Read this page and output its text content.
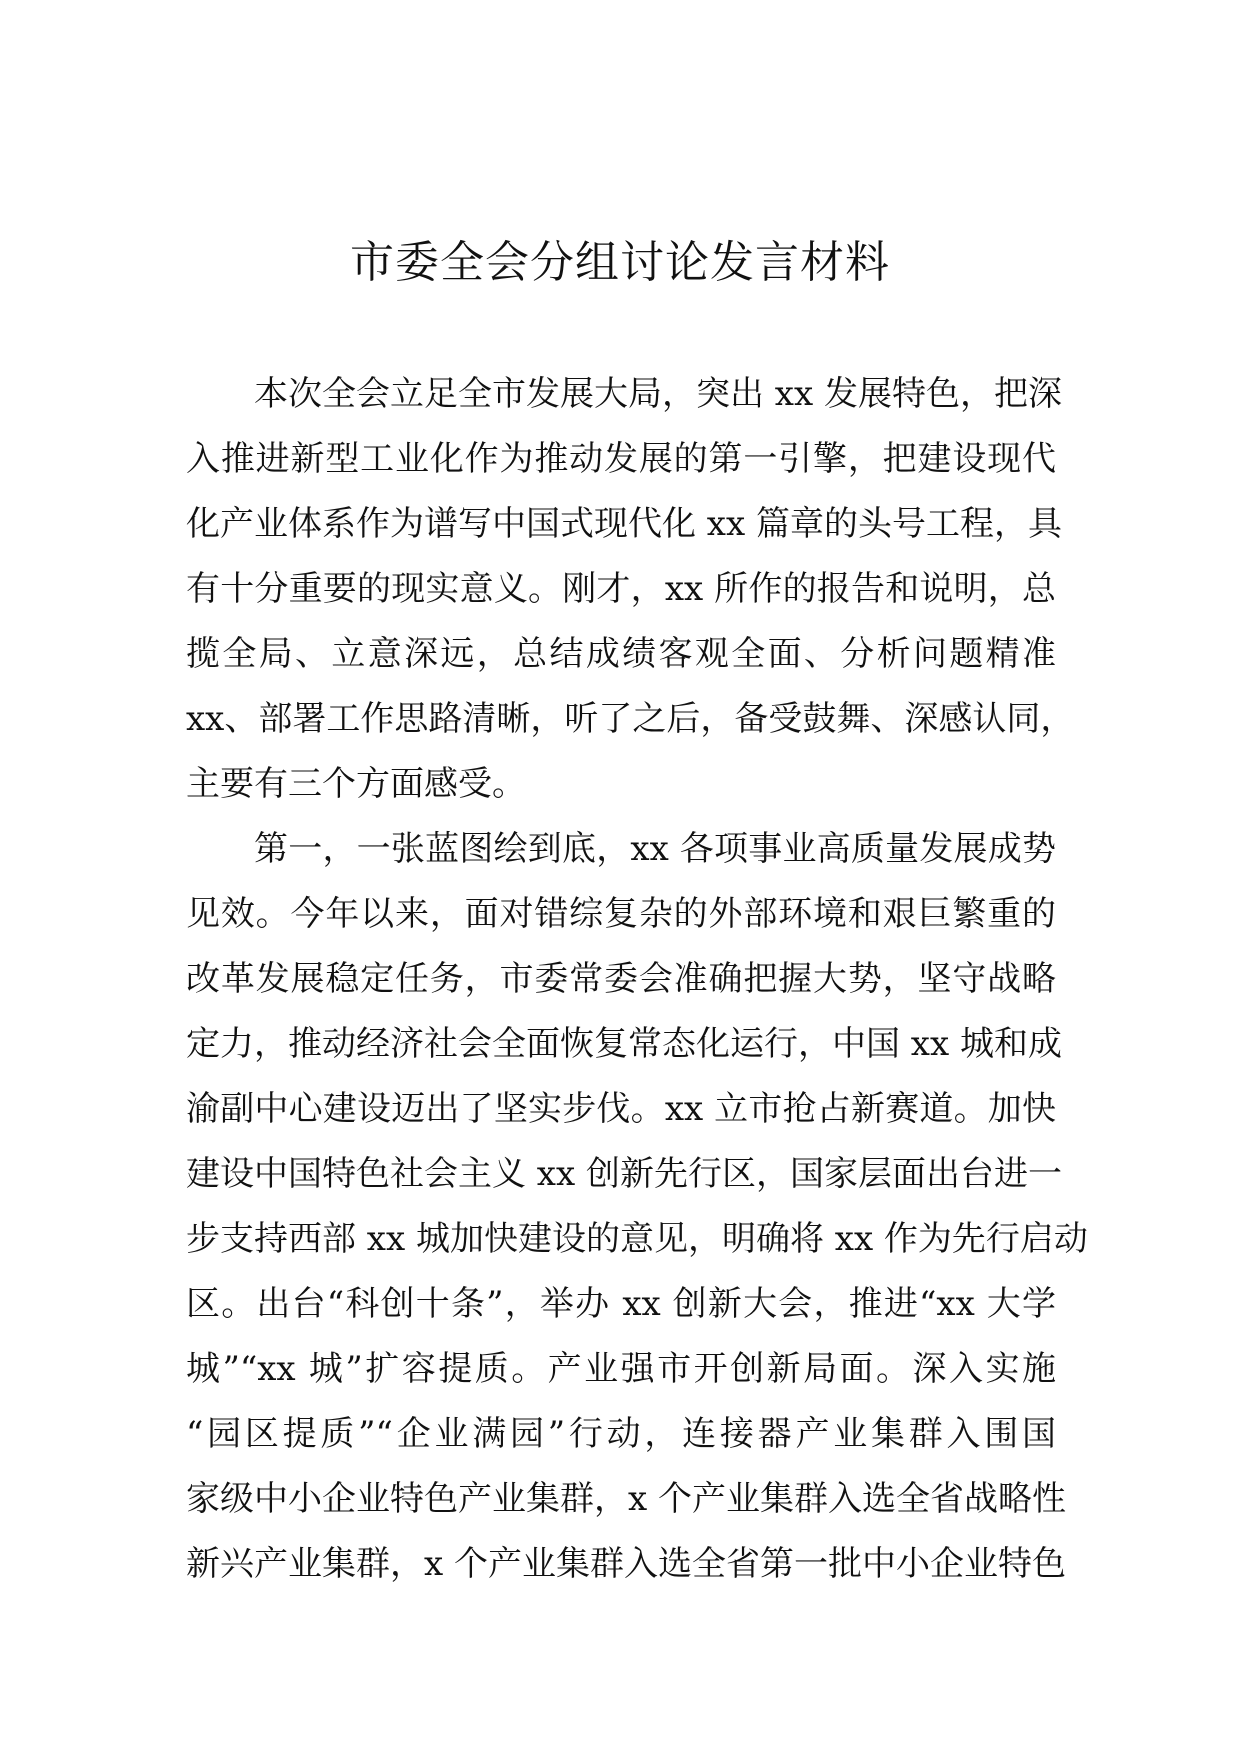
市委全会分组讨论发言材料
本次全会立足全市发展大局，突出 xx 发展特色，把深
入推进新型工业化作为推动发展的第一引擎，把建设现代
化产业体系作为谱写中国式现代化 xx 篇章的头号工程，具
有十分重要的现实意义。刚才，xx 所作的报告和说明，总
揽全局、立意深远，总结成绩客观全面、分析问题精准
xx、部署工作思路清晰，听了之后，备受鼓舞、深感认同，
主要有三个方面感受。
第一，一张蓝图绘到底，xx 各项事业高质量发展成势
见效。今年以来，面对错综复杂的外部环境和艰巨繁重的
改革发展稳定任务，市委常委会准确把握大势，坚守战略
定力，推动经济社会全面恢复常态化运行，中国 xx 城和成
渝副中心建设迈出了坚实步伐。xx 立市抢占新赛道。加快
建设中国特色社会主义 xx 创新先行区，国家层面出台进一
步支持西部 xx 城加快建设的意见，明确将 xx 作为先行启动
区。出台“科创十条”，举办 xx 创新大会，推进“xx 大学
城”“xx 城”扩容提质。产业强市开创新局面。深入实施
“园区提质”“企业满园”行动，连接器产业集群入围国
家级中小企业特色产业集群，x 个产业集群入选全省战略性
新兴产业集群，x 个产业集群入选全省第一批中小企业特色
